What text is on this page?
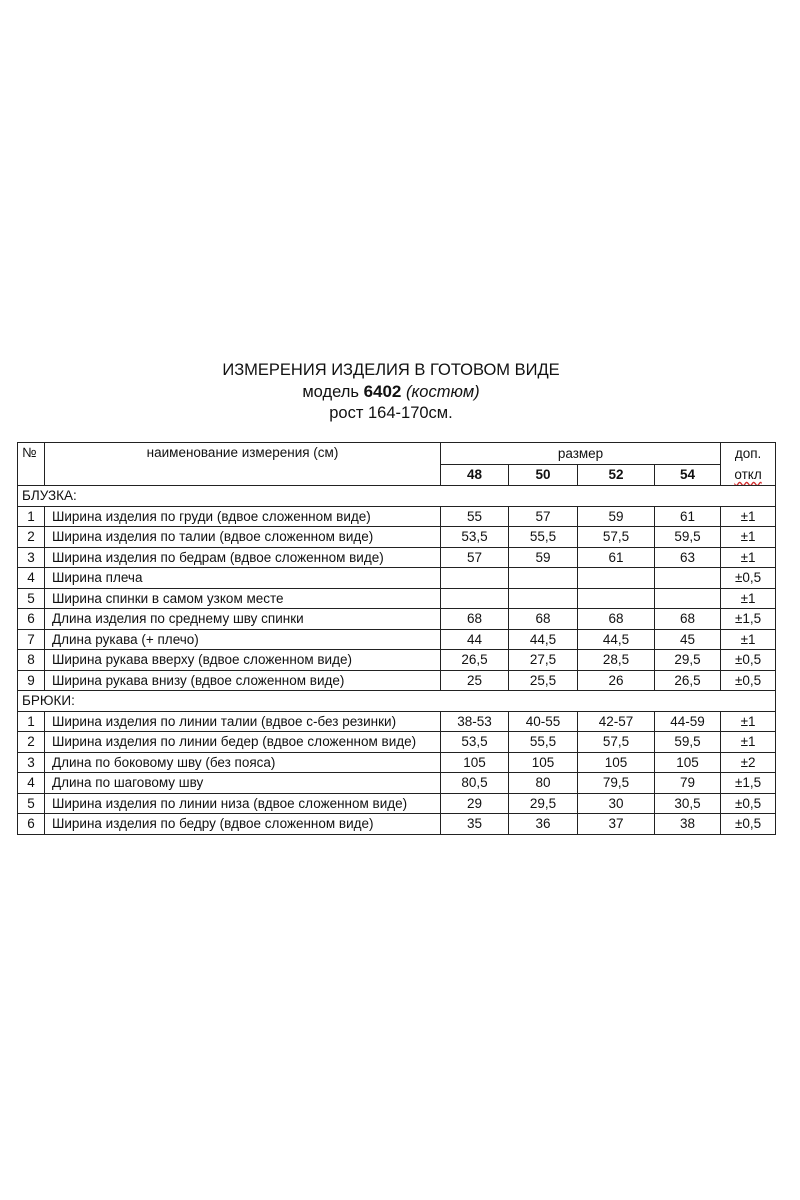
ИЗМЕРЕНИЯ ИЗДЕЛИЯ В ГОТОВОМ ВИДЕ
модель 6402 (костюм)
рост 164-170см.
№	наименование измерения (см)	размер				доп.
откл
		48	50	52	54	
БЛУЗКА:						
1	Ширина изделия по груди (вдвое сложенном виде)	55	57	59	61	±1
2	Ширина изделия по талии (вдвое сложенном виде)	53,5	55,5	57,5	59,5	±1
3	Ширина изделия по бедрам (вдвое сложенном виде)	57	59	61	63	±1
4	Ширина плеча					±0,5
5	Ширина спинки в самом узком месте					±1
6	Длина изделия по среднему шву спинки	68	68	68	68	±1,5
7	Длина рукава (+ плечо)	44	44,5	44,5	45	±1
8	Ширина рукава вверху (вдвое сложенном виде)	26,5	27,5	28,5	29,5	±0,5
9	Ширина рукава внизу (вдвое сложенном виде)	25	25,5	26	26,5	±0,5
БРЮКИ:						
1	Ширина изделия по линии талии (вдвое с-без резинки)	38-53	40-55	42-57	44-59	±1
2	Ширина изделия по линии бедер (вдвое сложенном виде)	53,5	55,5	57,5	59,5	±1
3	Длина по боковому шву (без пояса)	105	105	105	105	±2
4	Длина по шаговому шву	80,5	80	79,5	79	±1,5
5	Ширина изделия по линии низа (вдвое сложенном виде)	29	29,5	30	30,5	±0,5
6	Ширина изделия по бедру (вдвое сложенном виде)	35	36	37	38	±0,5
